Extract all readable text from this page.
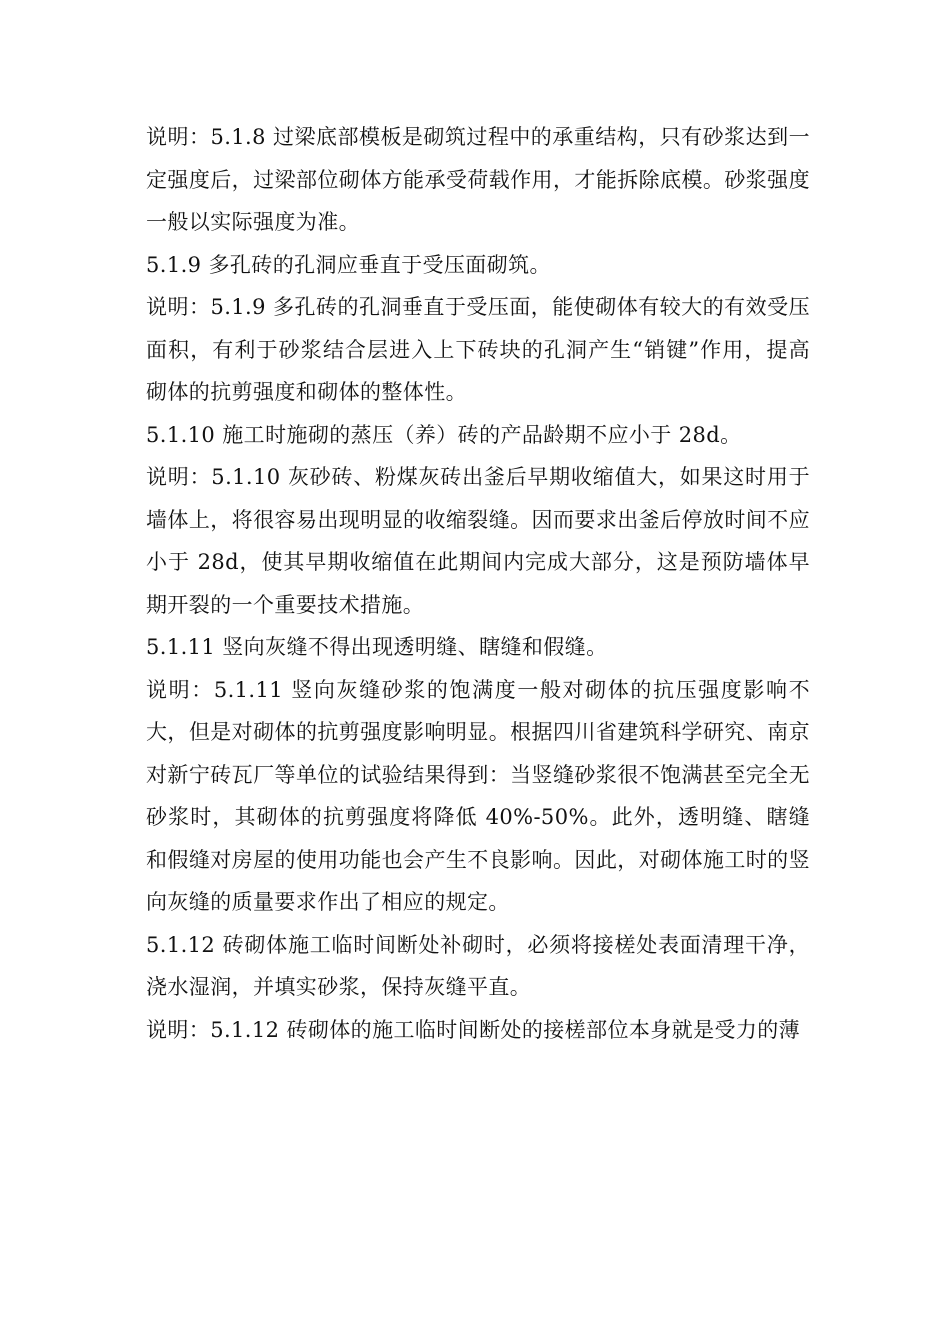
说明：5.1.8 过梁底部模板是砌筑过程中的承重结构，只有砂浆达到一定强度后，过梁部位砌体方能承受荷载作用，才能拆除底模。砂浆强度一般以实际强度为准。

5.1.9 多孔砖的孔洞应垂直于受压面砌筑。

说明：5.1.9 多孔砖的孔洞垂直于受压面，能使砌体有较大的有效受压面积，有利于砂浆结合层进入上下砖块的孔洞产生“销键”作用，提高砌体的抗剪强度和砌体的整体性。

5.1.10 施工时施砌的蒸压（养）砖的产品龄期不应小于 28d。

说明：5.1.10 灰砂砖、粉煤灰砖出釜后早期收缩值大，如果这时用于墙体上，将很容易出现明显的收缩裂缝。因而要求出釜后停放时间不应小于 28d，使其早期收缩值在此期间内完成大部分，这是预防墙体早期开裂的一个重要技术措施。

5.1.11 竖向灰缝不得出现透明缝、瞎缝和假缝。

说明：5.1.11 竖向灰缝砂浆的饱满度一般对砌体的抗压强度影响不大，但是对砌体的抗剪强度影响明显。根据四川省建筑科学研究、南京对新宁砖瓦厂等单位的试验结果得到：当竖缝砂浆很不饱满甚至完全无砂浆时，其砌体的抗剪强度将降低 40%-50%。此外，透明缝、瞎缝和假缝对房屋的使用功能也会产生不良影响。因此，对砌体施工时的竖向灰缝的质量要求作出了相应的规定。

5.1.12 砖砌体施工临时间断处补砌时，必须将接槎处表面清理干净，浇水湿润，并填实砂浆，保持灰缝平直。

说明：5.1.12 砖砌体的施工临时间断处的接槎部位本身就是受力的薄
